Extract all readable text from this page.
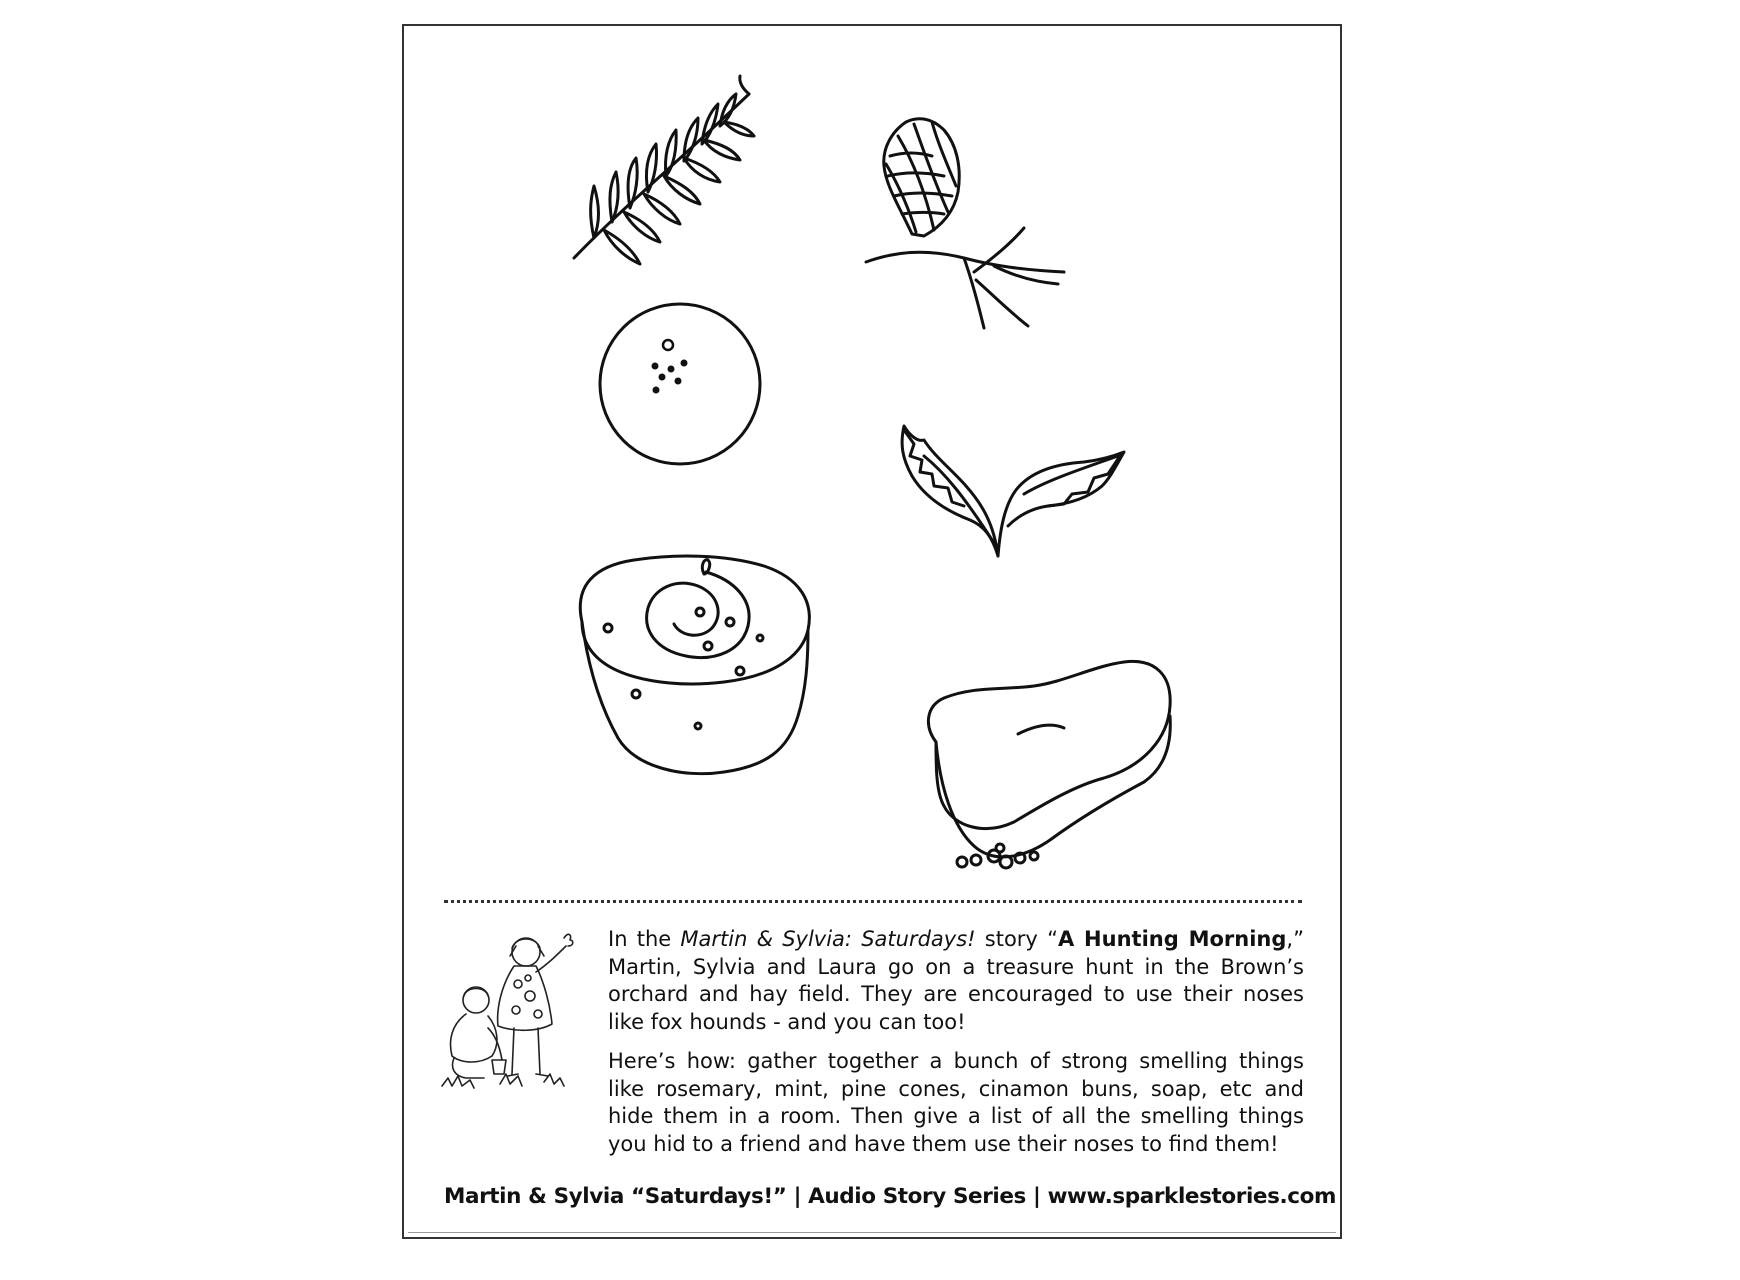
In the Martin & Sylvia: Saturdays! story “A Hunting Morning,” Martin, Sylvia and Laura go on a treasure hunt in the Brown’s orchard and hay field. They are encouraged to use their noses like fox hounds - and you can too!

Here’s how: gather together a bunch of strong smelling things like rosemary, mint, pine cones, cinamon buns, soap, etc and hide them in a room. Then give a list of all the smelling things you hid to a friend and have them use their noses to find them!

Martin & Sylvia “Saturdays!” | Audio Story Series | www.sparklestories.com
